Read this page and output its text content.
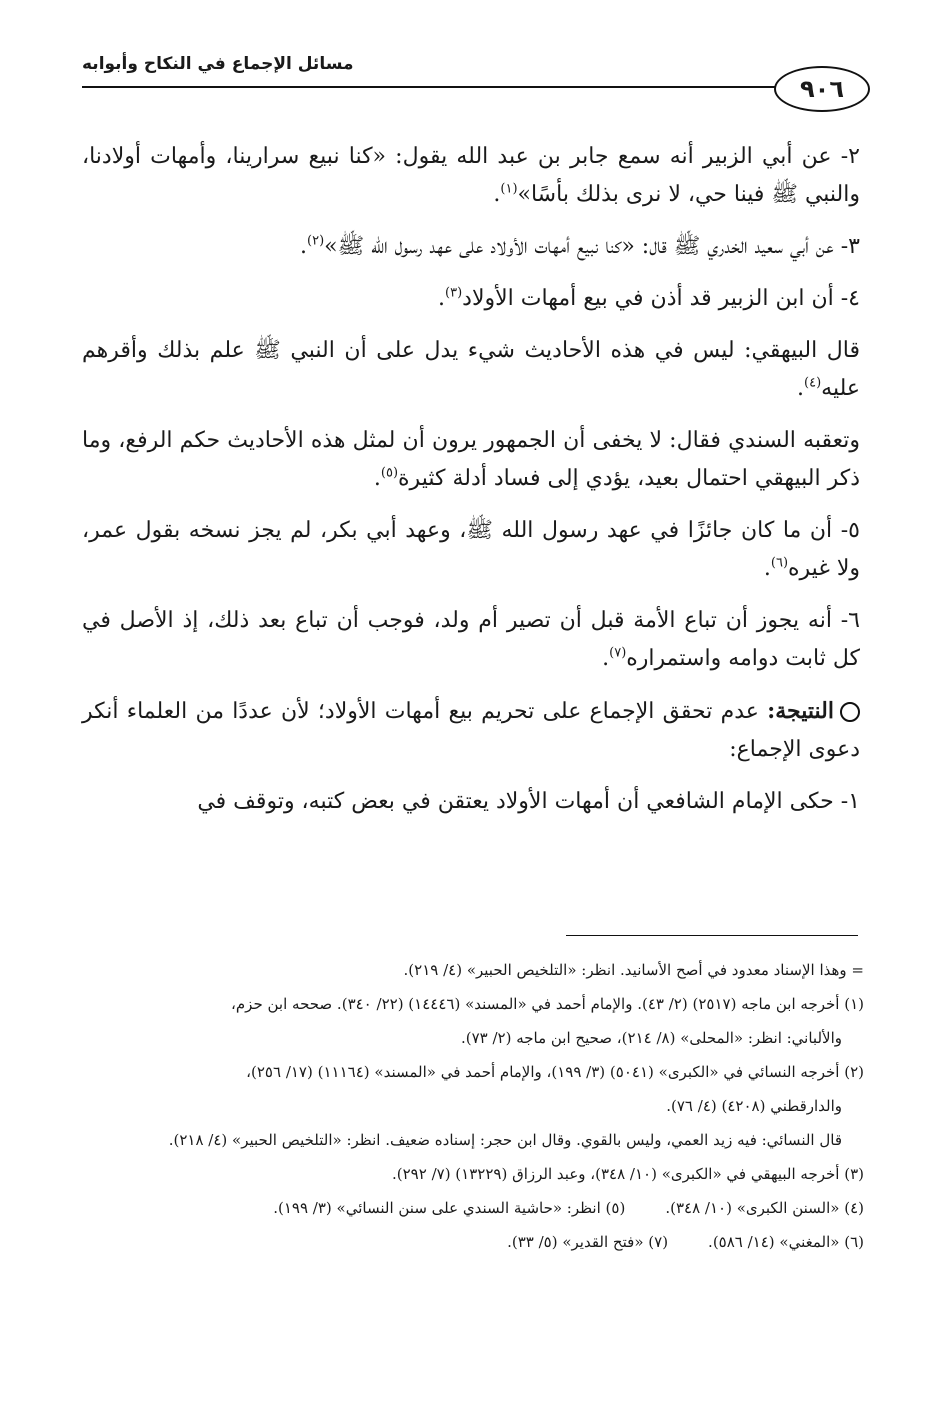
مسائل الإجماع في النكاح وأبوابه
٩٠٦

٢- عن أبي الزبير أنه سمع جابر بن عبد الله يقول: «كنا نبيع سرارينا، وأمهات أولادنا، والنبي ﷺ فينا حي، لا نرى بذلك بأسًا»$^{(١)}$.

٣- عن أبي سعيد الخدري ﷺ قال: «كنا نبيع أمهات الأولاد على عهد رسول الله ﷺ»$^{(٢)}$.

٤- أن ابن الزبير قد أذن في بيع أمهات الأولاد$^{(٣)}$.

قال البيهقي: ليس في هذه الأحاديث شيء يدل على أن النبي ﷺ علم بذلك وأقرهم عليه$^{(٤)}$.

وتعقبه السندي فقال: لا يخفى أن الجمهور يرون أن لمثل هذه الأحاديث حكم الرفع، وما ذكر البيهقي احتمال بعيد، يؤدي إلى فساد أدلة كثيرة$^{(٥)}$.

٥- أن ما كان جائزًا في عهد رسول الله ﷺ، وعهد أبي بكر، لم يجز نسخه بقول عمر، ولا غيره$^{(٦)}$.

٦- أنه يجوز أن تباع الأمة قبل أن تصير أم ولد، فوجب أن تباع بعد ذلك، إذ الأصل في كل ثابت دوامه واستمراره$^{(٧)}$.

النتيجة: عدم تحقق الإجماع على تحريم بيع أمهات الأولاد؛ لأن عددًا من العلماء أنكر دعوى الإجماع:

١- حكى الإمام الشافعي أن أمهات الأولاد يعتقن في بعض كتبه، وتوقف في

= وهذا الإسناد معدود في أصح الأسانيد. انظر: «التلخيص الحبير» (٤/ ٢١٩).

(١) أخرجه ابن ماجه (٢٥١٧) (٢/ ٤٣). والإمام أحمد في «المسند» (١٤٤٤٦) (٢٢/ ٣٤٠). صححه ابن حزم،

والألباني: انظر: «المحلى» (٨/ ٢١٤)، صحيح ابن ماجه (٢/ ٧٣).

(٢) أخرجه النسائي في «الكبرى» (٥٠٤١) (٣/ ١٩٩)، والإمام أحمد في «المسند» (١١١٦٤) (١٧/ ٢٥٦)،

والدارقطني (٤٢٠٨) (٤/ ٧٦).

قال النسائي: فيه زيد العمي، وليس بالقوي. وقال ابن حجر: إسناده ضعيف. انظر: «التلخيص الحبير» (٤/ ٢١٨).

(٣) أخرجه البيهقي في «الكبرى» (١٠/ ٣٤٨)، وعبد الرزاق (١٣٢٢٩) (٧/ ٢٩٢).

(٤) «السنن الكبرى» (١٠/ ٣٤٨).
(٥) انظر: «حاشية السندي على سنن النسائي» (٣/ ١٩٩).
(٦) «المغني» (١٤/ ٥٨٦).
(٧) «فتح القدير» (٥/ ٣٣).
